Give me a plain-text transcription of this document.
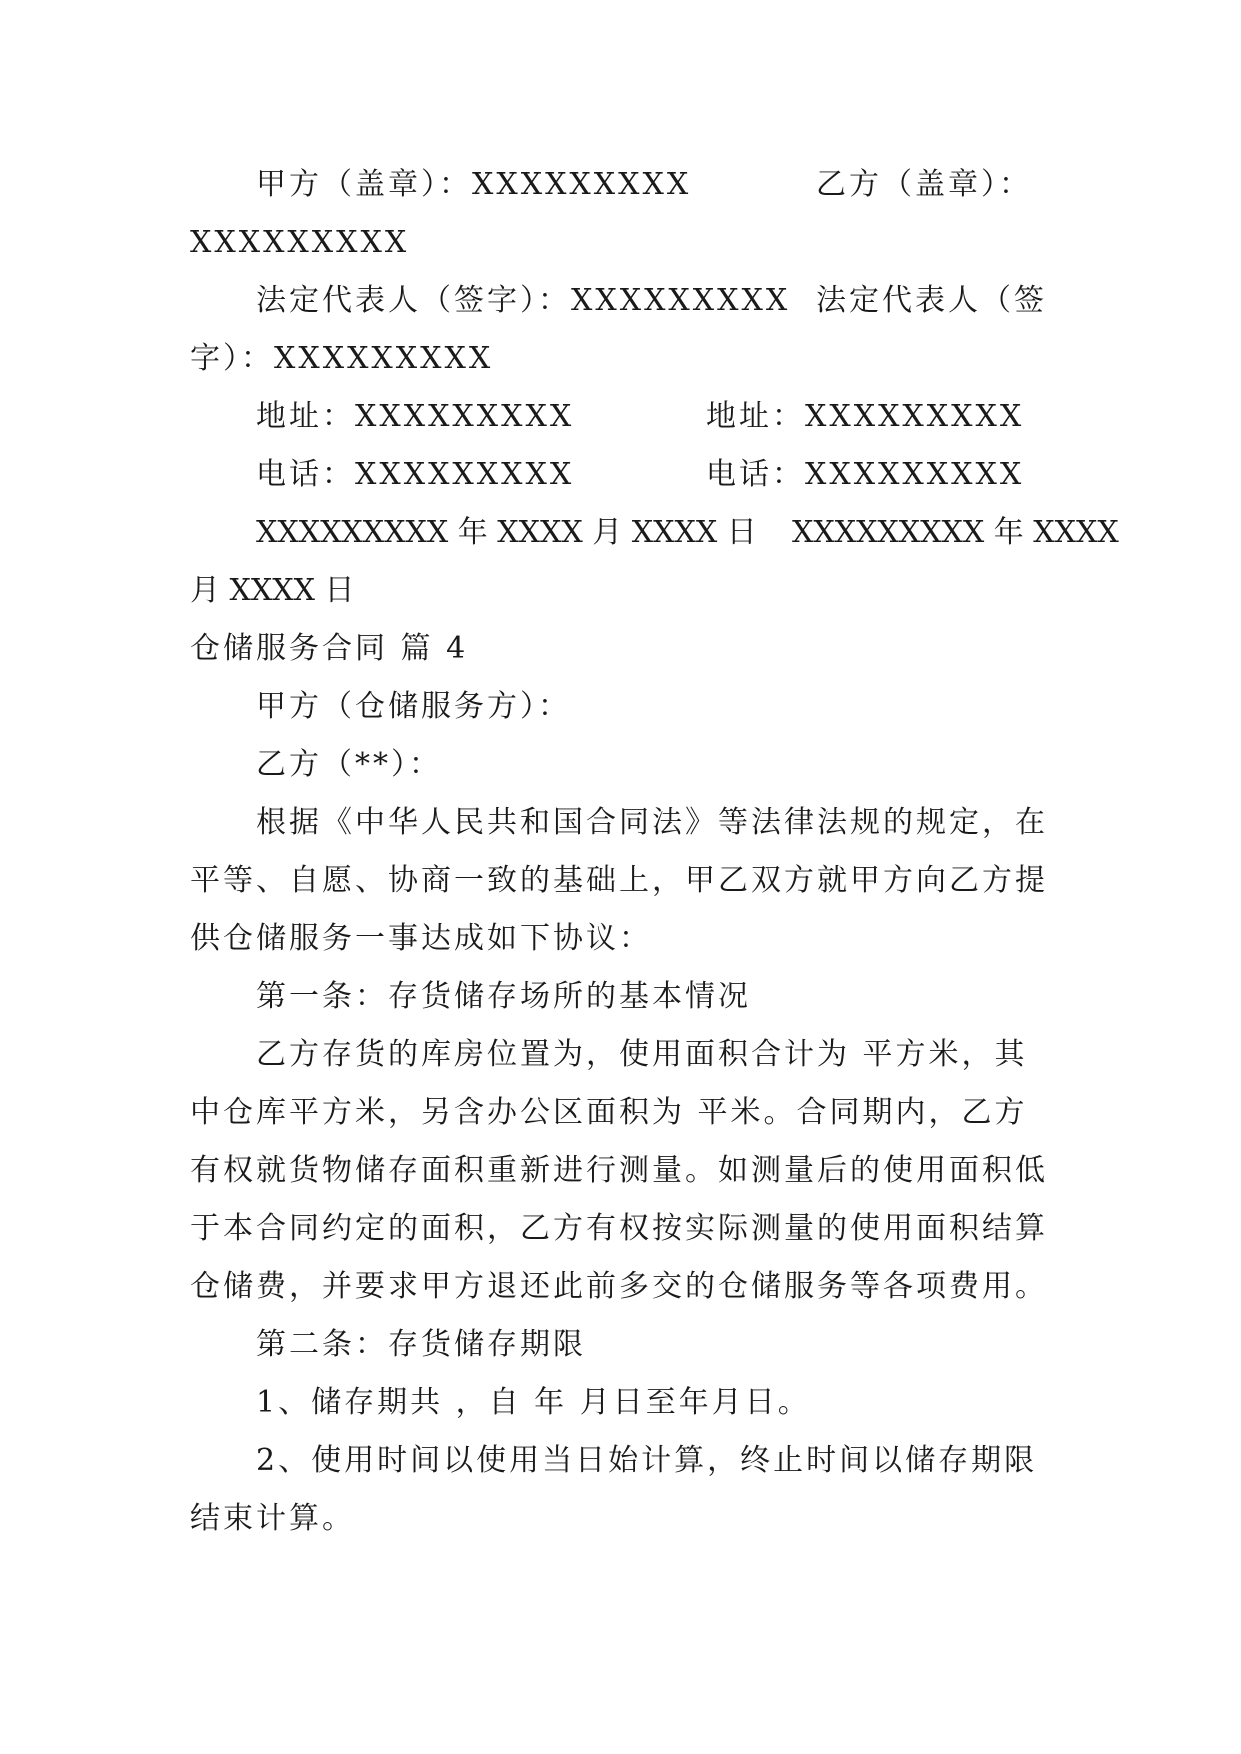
甲方（盖章）：XXXXXXXXX	乙方（盖章）：
XXXXXXXXX
法定代表人（签字）：XXXXXXXXX 法定代表人（签
字）：XXXXXXXXX
地址：XXXXXXXXX	地址：XXXXXXXXX
电话：XXXXXXXXX	电话：XXXXXXXXX
XXXXXXXXX 年 XXXX 月 XXXX 日 XXXXXXXXX 年 XXXX
月 XXXX 日
仓储服务合同 篇 4
甲方（仓储服务方）：
乙方（**）：
根据《中华人民共和国合同法》等法律法规的规定，在
平等、自愿、协商一致的基础上，甲乙双方就甲方向乙方提
供仓储服务一事达成如下协议：
第一条：存货储存场所的基本情况
乙方存货的库房位置为，使用面积合计为 平方米，其
中仓库平方米，另含办公区面积为 平米。合同期内，乙方
有权就货物储存面积重新进行测量。如测量后的使用面积低
于本合同约定的面积，乙方有权按实际测量的使用面积结算
仓储费，并要求甲方退还此前多交的仓储服务等各项费用。
第二条：存货储存期限
1、储存期共 ，自 年 月日至年月日。
2、使用时间以使用当日始计算，终止时间以储存期限
结束计算。
